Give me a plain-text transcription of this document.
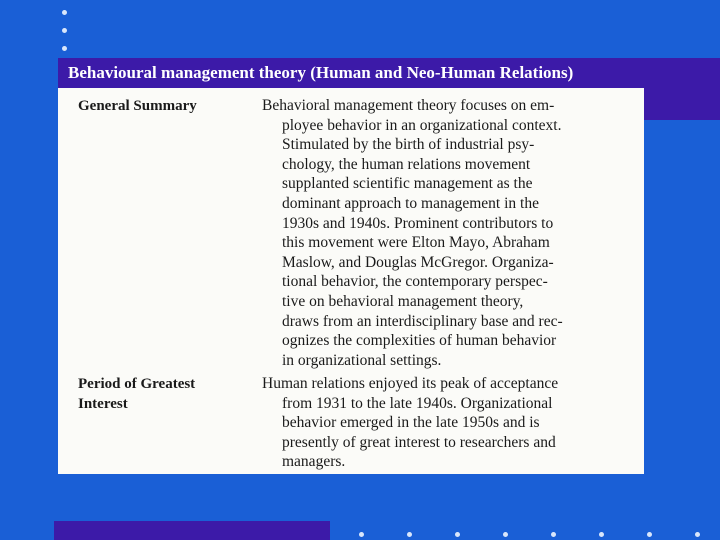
Behavioural management theory (Human and Neo-Human Relations)
General Summary	Behavioral management theory focuses on em-
ployee behavior in an organizational context.
Stimulated by the birth of industrial psy-
chology, the human relations movement
supplanted scientific management as the
dominant approach to management in the
1930s and 1940s. Prominent contributors to
this movement were Elton Mayo, Abraham
Maslow, and Douglas McGregor. Organiza-
tional behavior, the contemporary perspec-
tive on behavioral management theory,
draws from an interdisciplinary base and rec-
ognizes the complexities of human behavior
in organizational settings.
Period of Greatest
Interest
Human relations enjoyed its peak of acceptance
from 1931 to the late 1940s. Organizational
behavior emerged in the late 1950s and is
presently of great interest to researchers and
managers.
